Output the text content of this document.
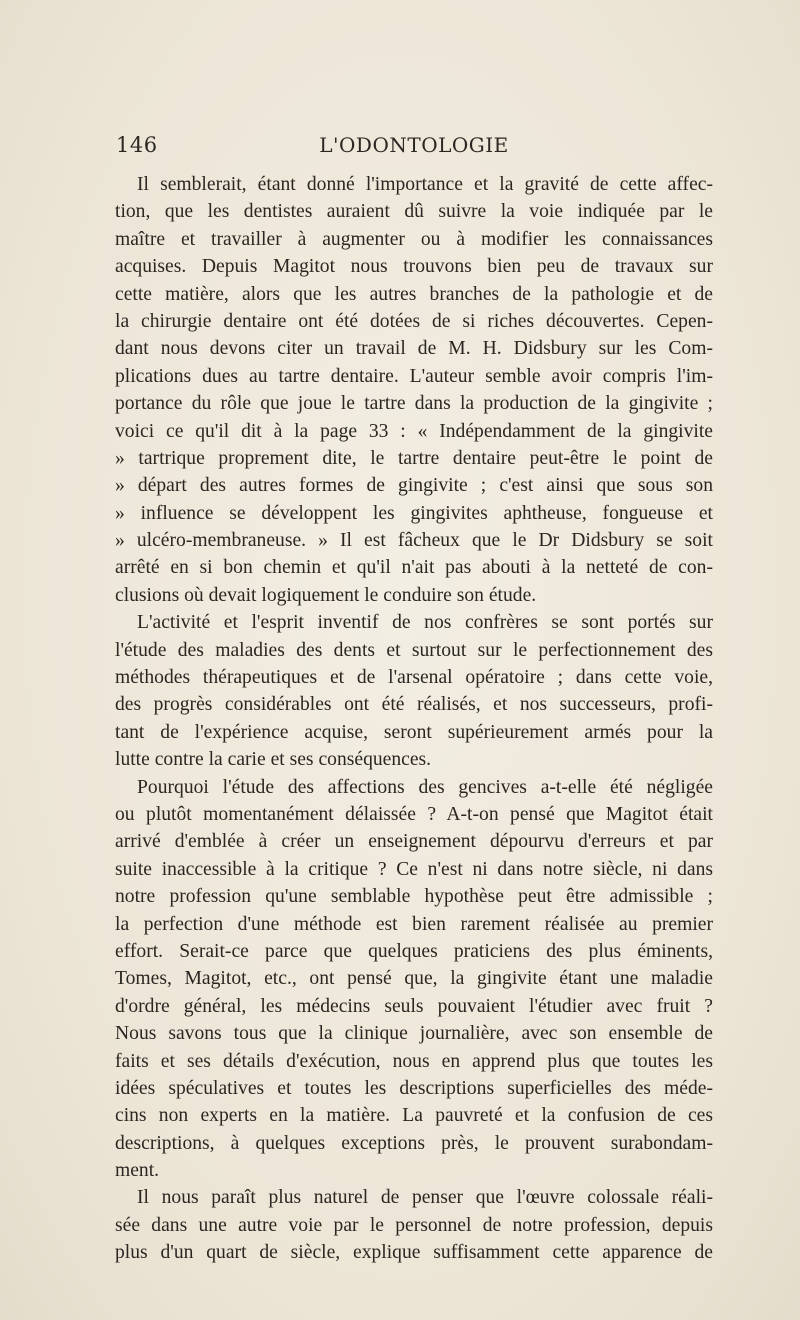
146	L'ODONTOLOGIE
Il semblerait, étant donné l'importance et la gravité de cette affec-
tion, que les dentistes auraient dû suivre la voie indiquée par le
maître et travailler à augmenter ou à modifier les connaissances
acquises. Depuis Magitot nous trouvons bien peu de travaux sur
cette matière, alors que les autres branches de la pathologie et de
la chirurgie dentaire ont été dotées de si riches découvertes. Cepen-
dant nous devons citer un travail de M. H. Didsbury sur les Com-
plications dues au tartre dentaire. L'auteur semble avoir compris l'im-
portance du rôle que joue le tartre dans la production de la gingivite ;
voici ce qu'il dit à la page 33 : « Indépendamment de la gingivite
» tartrique proprement dite, le tartre dentaire peut-être le point de
» départ des autres formes de gingivite ; c'est ainsi que sous son
» influence se développent les gingivites aphtheuse, fongueuse et
» ulcéro-membraneuse. » Il est fâcheux que le Dr Didsbury se soit
arrêté en si bon chemin et qu'il n'ait pas abouti à la netteté de con-
clusions où devait logiquement le conduire son étude.
L'activité et l'esprit inventif de nos confrères se sont portés sur
l'étude des maladies des dents et surtout sur le perfectionnement des
méthodes thérapeutiques et de l'arsenal opératoire ; dans cette voie,
des progrès considérables ont été réalisés, et nos successeurs, profi-
tant de l'expérience acquise, seront supérieurement armés pour la
lutte contre la carie et ses conséquences.
Pourquoi l'étude des affections des gencives a-t-elle été négligée
ou plutôt momentanément délaissée ? A-t-on pensé que Magitot était
arrivé d'emblée à créer un enseignement dépourvu d'erreurs et par
suite inaccessible à la critique ? Ce n'est ni dans notre siècle, ni dans
notre profession qu'une semblable hypothèse peut être admissible ;
la perfection d'une méthode est bien rarement réalisée au premier
effort. Serait-ce parce que quelques praticiens des plus éminents,
Tomes, Magitot, etc., ont pensé que, la gingivite étant une maladie
d'ordre général, les médecins seuls pouvaient l'étudier avec fruit ?
Nous savons tous que la clinique journalière, avec son ensemble de
faits et ses détails d'exécution, nous en apprend plus que toutes les
idées spéculatives et toutes les descriptions superficielles des méde-
cins non experts en la matière. La pauvreté et la confusion de ces
descriptions, à quelques exceptions près, le prouvent surabondam-
ment.
Il nous paraît plus naturel de penser que l'œuvre colossale réali-
sée dans une autre voie par le personnel de notre profession, depuis
plus d'un quart de siècle, explique suffisamment cette apparence de
